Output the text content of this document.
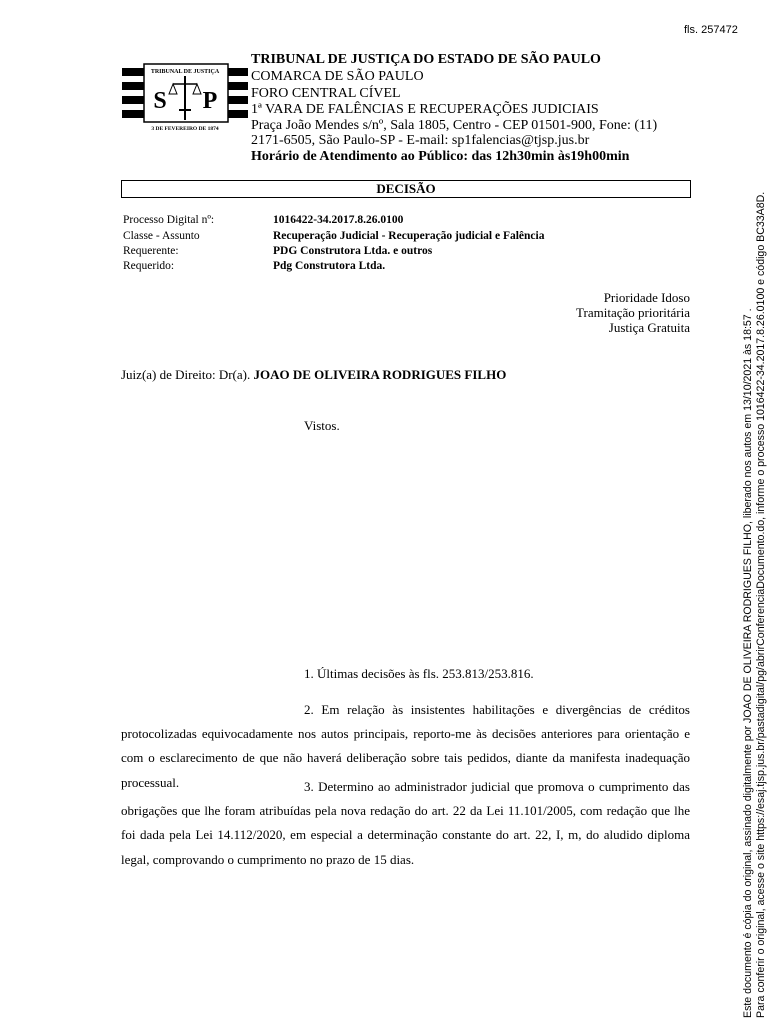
fls. 257472
TRIBUNAL DE JUSTIÇA
S P
3 DE FEVEREIRO DE 1874
TRIBUNAL DE JUSTIÇA DO ESTADO DE SÃO PAULO
COMARCA DE SÃO PAULO
FORO CENTRAL CÍVEL
1ª VARA DE FALÊNCIAS E RECUPERAÇÕES JUDICIAIS
Praça João Mendes s/nº, Sala 1805, Centro - CEP 01501-900, Fone: (11)
2171-6505, São Paulo-SP - E-mail: sp1falencias@tjsp.jus.br
Horário de Atendimento ao Público: das 12h30min às19h00min
DECISÃO
Processo Digital nº:	1016422-34.2017.8.26.0100
Classe - Assunto	Recuperação Judicial - Recuperação judicial e Falência
Requerente:	PDG Construtora Ltda. e outros
Requerido:	Pdg Construtora Ltda.
Prioridade Idoso
Tramitação prioritária
Justiça Gratuita
Juiz(a) de Direito: Dr(a). JOAO DE OLIVEIRA RODRIGUES FILHO
Vistos.
1. Últimas decisões às fls. 253.813/253.816.
2. Em relação às insistentes habilitações e divergências de créditos protocolizadas equivocadamente nos autos principais, reporto-me às decisões anteriores para orientação e com o esclarecimento de que não haverá deliberação sobre tais pedidos, diante da manifesta inadequação processual.	3. Determino ao administrador judicial que promova o cumprimento das obrigações que lhe foram atribuídas pela nova redação do art. 22 da Lei 11.101/2005, com redação que lhe foi dada pela Lei 14.112/2020, em especial a determinação constante do art. 22, I, m, do aludido diploma legal, comprovando o cumprimento no prazo de 15 dias.	Este documento é cópia do original, assinado digitalmente por JOAO DE OLIVEIRA RODRIGUES FILHO, liberado nos autos em 13/10/2021 às 18:57 . Para conferir o original, acesse o site https://esaj.tjsp.jus.br/pastadigital/pg/abrirConferenciaDocumento.do, informe o processo 1016422-34.2017.8.26.0100 e código BC33A8D.
